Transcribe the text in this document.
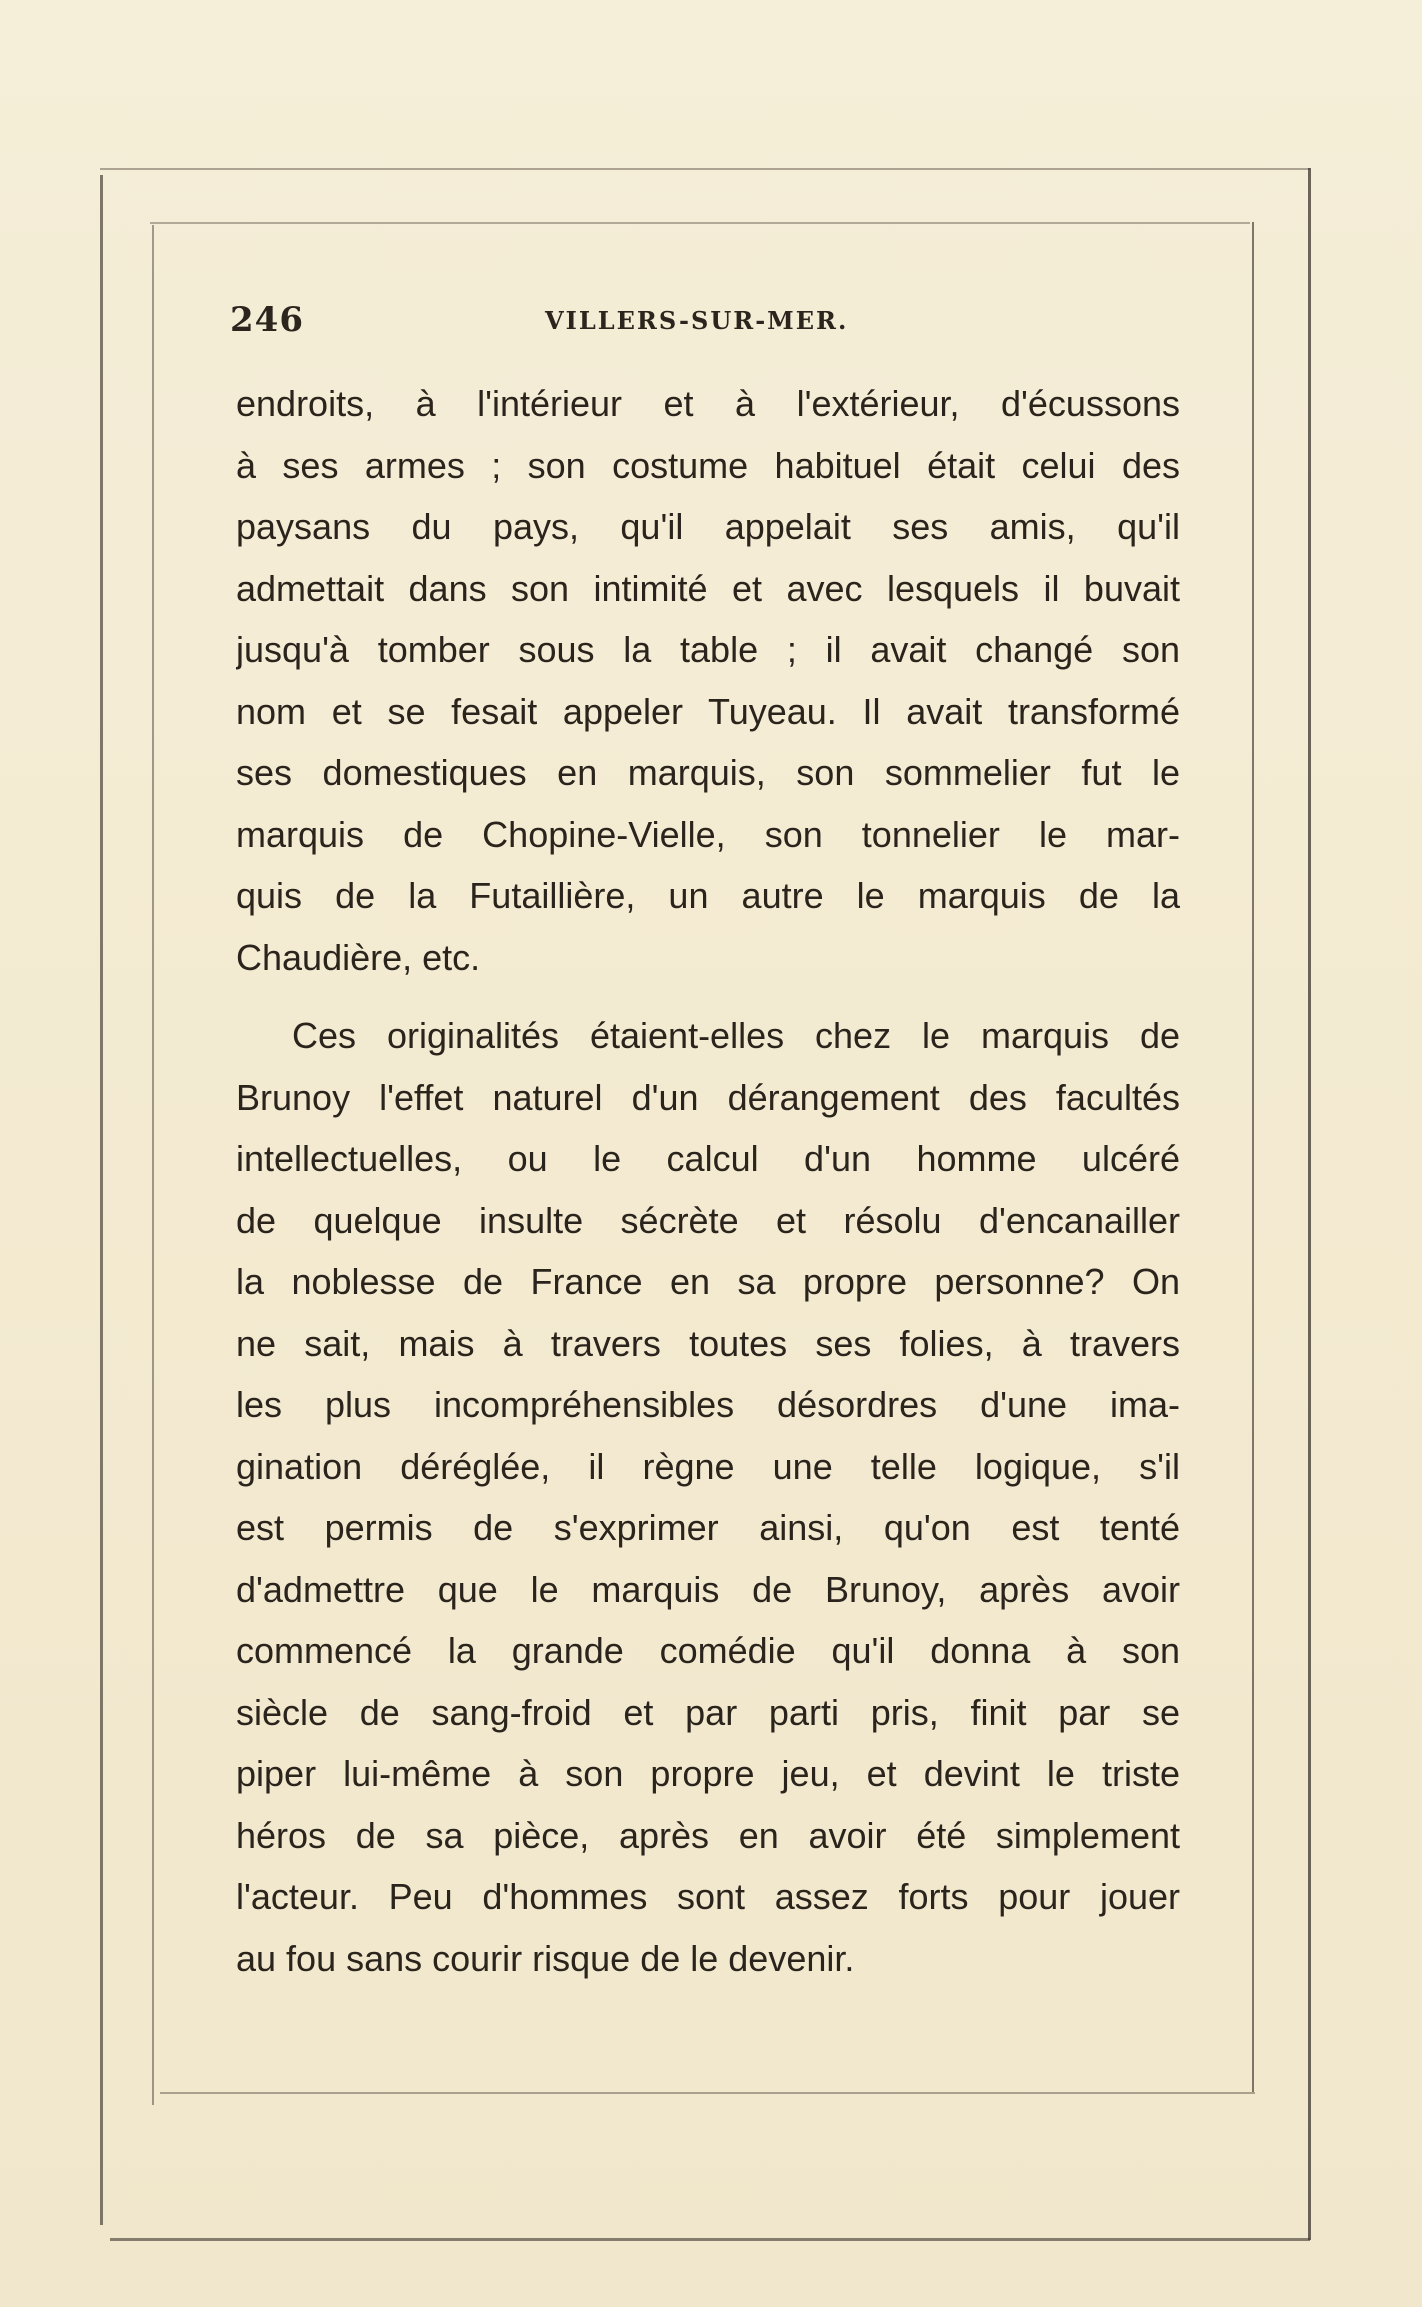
246	VILLERS-SUR-MER.
endroits, à l'intérieur et à l'extérieur, d'écussons
à ses armes ; son costume habituel était celui des
paysans du pays, qu'il appelait ses amis, qu'il
admettait dans son intimité et avec lesquels il buvait
jusqu'à tomber sous la table ; il avait changé son
nom et se fesait appeler Tuyeau. Il avait transformé
ses domestiques en marquis, son sommelier fut le
marquis de Chopine-Vielle, son tonnelier le mar-
quis de la Futaillière, un autre le marquis de la
Chaudière, etc.
Ces originalités étaient-elles chez le marquis de
Brunoy l'effet naturel d'un dérangement des facultés
intellectuelles, ou le calcul d'un homme ulcéré
de quelque insulte sécrète et résolu d'encanailler
la noblesse de France en sa propre personne? On
ne sait, mais à travers toutes ses folies, à travers
les plus incompréhensibles désordres d'une ima-
gination déréglée, il règne une telle logique, s'il
est permis de s'exprimer ainsi, qu'on est tenté
d'admettre que le marquis de Brunoy, après avoir
commencé la grande comédie qu'il donna à son
siècle de sang-froid et par parti pris, finit par se
piper lui-même à son propre jeu, et devint le triste
héros de sa pièce, après en avoir été simplement
l'acteur. Peu d'hommes sont assez forts pour jouer
au fou sans courir risque de le devenir.
